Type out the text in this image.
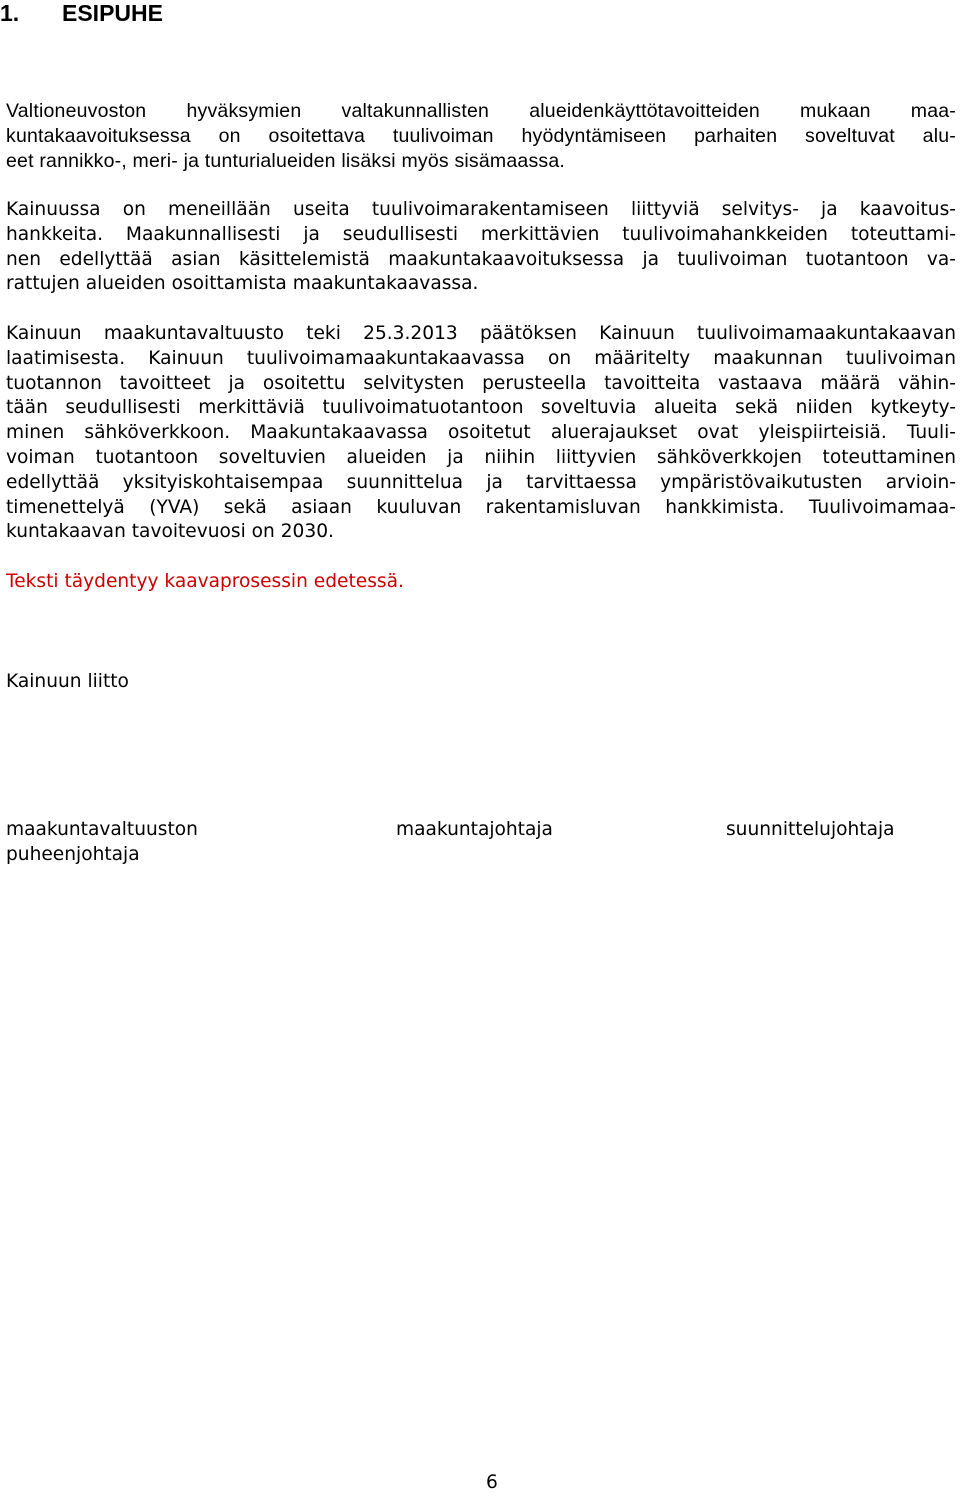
1. ESIPUHE
Valtioneuvoston hyväksymien valtakunnallisten alueidenkäyttötavoitteiden mukaan maa-
kuntakaavoituksessa on osoitettava tuulivoiman hyödyntämiseen parhaiten soveltuvat alu-
eet rannikko-, meri- ja tunturialueiden lisäksi myös sisämaassa.
Kainuussa on meneillään useita tuulivoimarakentamiseen liittyviä selvitys- ja kaavoitus-
hankkeita. Maakunnallisesti ja seudullisesti merkittävien tuulivoimahankkeiden toteuttami-
nen edellyttää asian käsittelemistä maakuntakaavoituksessa ja tuulivoiman tuotantoon va-
rattujen alueiden osoittamista maakuntakaavassa.
Kainuun maakuntavaltuusto teki 25.3.2013 päätöksen Kainuun tuulivoimamaakuntakaavan
laatimisesta. Kainuun tuulivoimamaakuntakaavassa on määritelty maakunnan tuulivoiman
tuotannon tavoitteet ja osoitettu selvitysten perusteella tavoitteita vastaava määrä vähin-
tään seudullisesti merkittäviä tuulivoimatuotantoon soveltuvia alueita sekä niiden kytkeyty-
minen sähköverkkoon. Maakuntakaavassa osoitetut aluerajaukset ovat yleispiirteisiä. Tuuli-
voiman tuotantoon soveltuvien alueiden ja niihin liittyvien sähköverkkojen toteuttaminen
edellyttää yksityiskohtaisempaa suunnittelua ja tarvittaessa ympäristövaikutusten arvioin-
timenettelyä (YVA) sekä asiaan kuuluvan rakentamisluvan hankkimista. Tuulivoimamaa-
kuntakaavan tavoitevuosi on 2030.

Teksti täydentyy kaavaprosessin edetessä.

Kainuun liitto

maakuntavaltuuston
puheenjohtaja
maakuntajohtaja	suunnittelujohtaja

6
